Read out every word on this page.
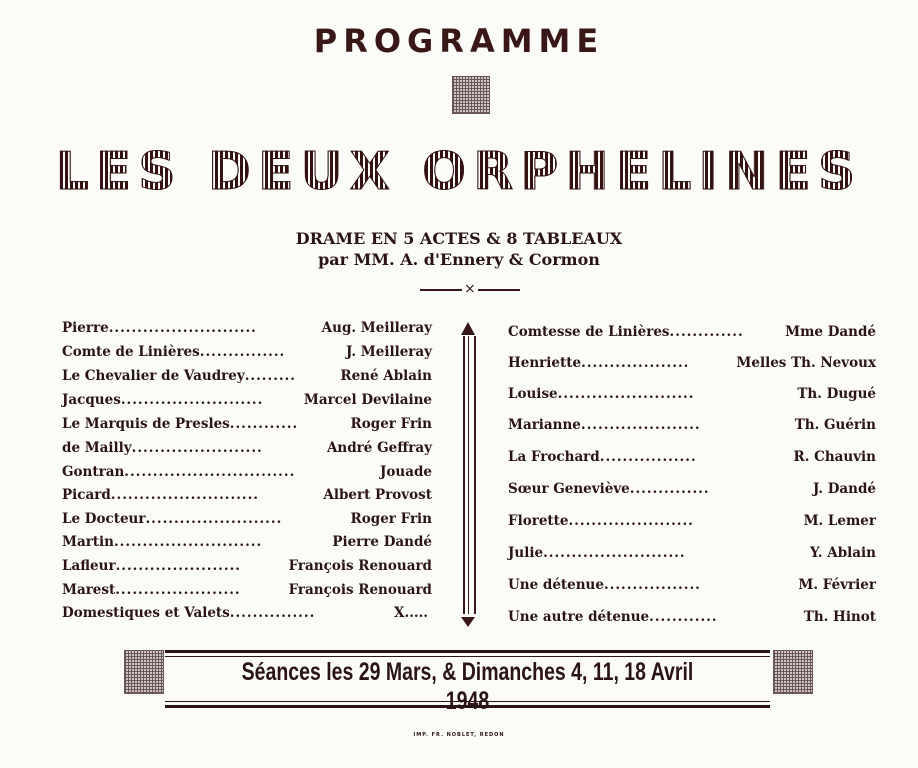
PROGRAMME
LES DEUX ORPHELINES
DRAME EN 5 ACTES & 8 TABLEAUX
par MM. A. d'Ennery & Cormon
⨯
Pierre..........................	Aug. Meilleray
Comte de Linières...............	J. Meilleray
Le Chevalier de Vaudrey.........	René Ablain
Jacques.........................	Marcel Devilaine
Le Marquis de Presles............	Roger Frin
de Mailly.......................	André Geffray
Gontran..............................	Jouade
Picard..........................	Albert Provost
Le Docteur........................	Roger Frin
Martin..........................	Pierre Dandé
Lafleur......................	François Renouard
Marest......................	François Renouard
Domestiques et Valets...............	X.....
Comtesse de Linières.............	Mme Dandé
Henriette...................	Melles Th. Nevoux
Louise........................	Th. Dugué
Marianne.....................	Th. Guérin
La Frochard.................	R. Chauvin
Sœur Geneviève..............	J. Dandé
Florette......................	M. Lemer
Julie.........................	Y. Ablain
Une détenue.................	M. Février
Une autre détenue............	Th. Hinot
Séances les 29 Mars, & Dimanches 4, 11, 18 Avril
IMP. FR. NOBLET, REDON
